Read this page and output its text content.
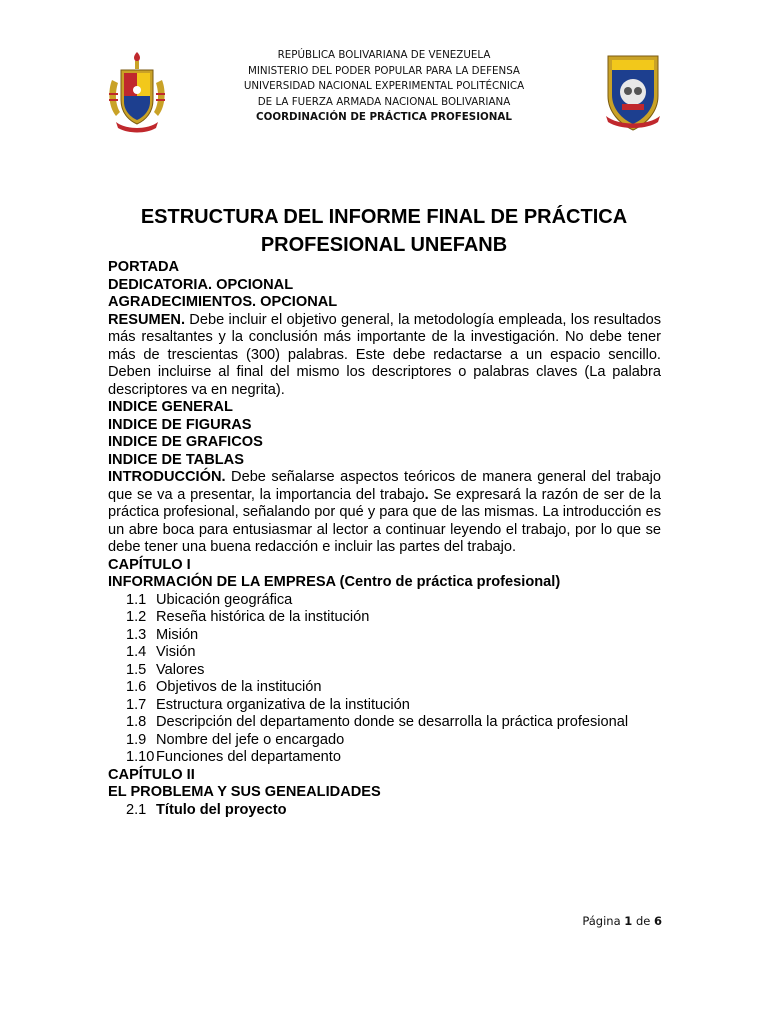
REPÚBLICA BOLIVARIANA DE VENEZUELA
MINISTERIO DEL PODER POPULAR PARA LA DEFENSA
UNIVERSIDAD NACIONAL EXPERIMENTAL POLITÉCNICA
DE LA FUERZA ARMADA NACIONAL BOLIVARIANA
COORDINACIÓN DE PRÁCTICA PROFESIONAL
ESTRUCTURA DEL INFORME FINAL DE PRÁCTICA
PROFESIONAL UNEFANB
PORTADA
DEDICATORIA. OPCIONAL
AGRADECIMIENTOS. OPCIONAL

RESUMEN. Debe incluir el objetivo general, la metodología empleada, los resultados más resaltantes y la conclusión más importante de la investigación. No debe tener más de trescientas (300) palabras. Este debe redactarse a un espacio sencillo. Deben incluirse al final del mismo los descriptores o palabras claves (La palabra descriptores va en negrita).

INDICE GENERAL
INDICE DE FIGURAS
INDICE DE GRAFICOS
INDICE DE TABLAS

INTRODUCCIÓN. Debe señalarse aspectos teóricos de manera general del trabajo que se va a presentar, la importancia del trabajo. Se expresará la razón de ser de la práctica profesional, señalando por qué y para que de las mismas. La introducción es un abre boca para entusiasmar al lector a continuar leyendo el trabajo, por lo que se debe tener una buena redacción e incluir las partes del trabajo.

CAPÍTULO I
INFORMACIÓN DE LA EMPRESA (Centro de práctica profesional)
1.1 Ubicación geográfica
1.2 Reseña histórica de la institución
1.3 Misión
1.4 Visión
1.5 Valores
1.6 Objetivos de la institución
1.7 Estructura organizativa de la institución
1.8 Descripción del departamento donde se desarrolla la práctica profesional
1.9 Nombre del jefe o encargado
1.10 Funciones del departamento
CAPÍTULO II
EL PROBLEMA Y SUS GENEALIDADES
2.1 Título del proyecto
Página 1 de 6
